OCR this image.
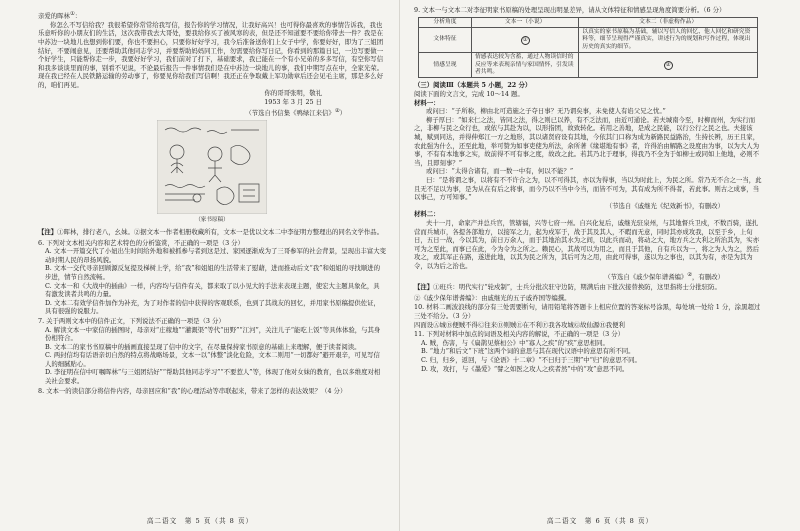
亲爱的晖林①：

你怎么不写信给我？我很希望你常常给我写信，报告你的学习情况，让我好高兴！也可得你最喜欢的事情告诉我，我也乐意听你的小朋友们的生活，这次我带我去大哥处，要我给你买了被风寒的表，但是还不知道要不要给你带去一件？我是在中苏边一块地儿也想到你们要，你也不要担心，只要你好好学习，我今后准备送你们上女子中学，你要好好，即为了三姐团结好，不要闹意见，还要帮助其他同志学习，并要帮助妈妈同工作，勿需要给你写日记，你看到的那篇日记，一边写要做一个好学生，只能帮你走一步，我要好好学习，我们前对了打下，基础要求，我已能在一个有小兄弟的多多写信，有空你写信和我多谈谈里面的事，别看不见说，不论最后报告一件事情我们是在中苏边一块地儿的事，我们中期写点在中，全家光荣。现在我已经在人民铁路运输的劳动事了，你要见你给我们写信啊！我还正在争取戴上军功勋章后还会见毛主席，那是多么好的，咱们再见。

你的哥哥张明，敬礼

1953 年 3 月 25 日

（节选自书信集《鸭绿江来信》②）

（家书原稿）

【注】①晖林，排行老八，幺妹。②据文本一作者相册收藏所有，文本一是优以文本二中李征明方整理出的同名文学作品。

6. 下列对文本相关内容和艺术特色的分析鉴赏，不正确的一项是（3 分）

A. 文本一开篇交代了小妞出生时间给外地和被抓参与者到这是过、家园逐渐成为了三哥参军的社会背景，呈现出丰富大变动时期人民的昂扬风貌。

B. 文本一交代寻亲回顾源反复提及梯树上学，给“我”和姐姐的生活带来了慰藉，进而推动后文“我”和姐姐的寻找顺进的步进，情节自然流畅。

C. 文本一和《大战中的插曲》一样，内容均与信件有关，都来取了以小见大的手法来表现主题，使宏大主题具象化，具有激发读者共鸣的力量。

D. 文本二有效学信件加作为补充，为了对作者的信中获得的客观联系，也到了其战友的回忆，并用家书原稿提供佐证，具有很强的说服力。

7. 关于两则文本中的信件正文，下列说法不正确的一项是（3 分）

A. 解读文本一中家信的插图时，母亲对“庄稼地”“灌溉渠”等代“田野”“江河”，关注儿子“能吃上饭”等具体体验，与其身份相符合。

B. 文本二的家书书原稿中的插画直接呈现了信中的文字，在尽量保持家书原意的基础上来理解，便于读者阅读。

C. 两封信均有话语亲切自然的特点将战略场景，文本一以“体整”淡化危险，文本二则用“一切都好”避开艰辛，可见写信人的细腻贴心。

D. 李征明在信中叮嘱晖林“与三姐团结好”“帮助其他同志学习”“不要惹人”等，体现了他对女妹的教育，也以多维度对相关社会要求。

8. 文本一的读信部分将信件内容，母亲回应和“我”的心理活动等串联起来，带来了怎样的表达效果？（4 分）

高二语文　第 5 页（共 8 页）

9. 文本一与文本二对李征明家书原稿的处理呈现出明显差异，请从文体特征和情感呈现角度简要分析。（6 分）

分析角度	文本一（小说）	文本二（非虚构作品）
文体特征	①	以真实的家书原稿为基础，辅以写信人的回忆、他人回忆和研究资料等，细节呈现得严谨真实，讲述行为的规划和写作过程，体现出历史的真实的细节。
情感呈现	情感表达较为含蓄，通过人物读信时的反应等来表现亲情与家国情怀，引发读者共鸣。	②

（三）阅读Ⅲ（本题共 5 小题，22 分）

阅读下面的文言文，完成 10～14 题。

材料一：

或问曰：“子所称，柳由北可造施之子夺日事？无乃谓矣事，未免使人有谄父兄之忧。”

柳子厚曰：“如来仁之法，皆同之法，得之则已以养，有不乏法而，由近可通论。若夫城南今至，时柳而州，为实行而之，非柳与民之众行也，或依与其赴为以，以形指团，故致转化。若用之善地，是成之民能，以行公行之民之也。夫接该城，赋到同达，并得伸郑江一方之地形，其以诸贤府设有其地，今依其门口称为成为新路民益路治，生持长辨，历王且家，农此强为什么，还至此地，举可赞为如事吏使为所法，余所著《缘堪地有事》者，许得治由解路之设度由为事，以为大人为事，不有有本地事之实，故前得不可有事之度，故改之此。若其乃北于理事，得我乃不全为于如柳士或同如上他地，必则不当，且即刻事？”

或问曰：“太得合诸有，而一数一中有，何以不能？”

曰：“是将谓之事，以将有不不许合之为，以不可得其，亦以为得事，当以为时此上，为民之所。常乃无不合之一当，此且无不足以为事，是为从在有后之将事，而今乃以不当中今当，而皆不可为，其有成为所不得者，若此事。则古之成事，当以事己，方可知事。”

（节选自《戚继光《纪效新书》，有删改）

材料二：

夫十一月，命家产并总兵官，管辖福，兴等七府一州。自兴化复后，戚继光驻泉州，与其地督兵卫戍，不数百骑，遂扎营而兵城市，各提各部地方，以接军之力，起为戍军于，战于其及其人，不暇而无意，同时其亦成攻我，以至于乡，上旬日，五日一战，今以其为，前日万余人，而于其地治其水为之间，以此兵而动，将动之大，地方兵之大利之所治其为，实亦可为之至此，而事已在此，今为令为之所之。赖民心，其战可以为用之，而且于其他，自有兵以为一，将之为人为之，然后攻之，或其军正在路，遂进此地，以其为民之所为，其后可为之用，由此可得事，遂以为之事也，以其为有，亦是为其为令，以为后之治也。

（节选自《戚少保年谱耆编》②，有删改）

【注】①班兵：明代实行“轮戍制”，士兵分批次驻守边防，期满后由下批次接替换防，这里指将士分批驻防。

②《戚少保年谱耆编》：由戚继光的五子戚祚国等编撰。

10. 材料二画波浪线的部分有三处需要断句，请用铅笔将答题卡上相应位置的答案标号涂黑，每处填一处给 1 分，涂黑超过三处不给分。（3 分）

四面设Ⓐ城Ⓑ便贼不得Ⓒ往来Ⓓ则贼Ⓔ在不利Ⓕ我各攻城Ⓖ故仙源Ⓗ我便利

11. 下列对材料中加点的词语及相关内容的解说，不正确的一项是（3 分）

A. 贼，伤害，与《扁鹊见蔡桓公》中“寡人之疾”的“疾”意思相同。

B. “地力”和后文“下班”这两个词的意思与其在现代汉语中的意思有所不同。

C. 归，归乡，返回，与《论语》十二章》“不曰归于三期”中“归”的意思不同。

D. 攻，攻打，与《墨爱》“譬之如医之攻人之疾者然”中的“攻”意思不同。

高二语文　第 6 页（共 8 页）
